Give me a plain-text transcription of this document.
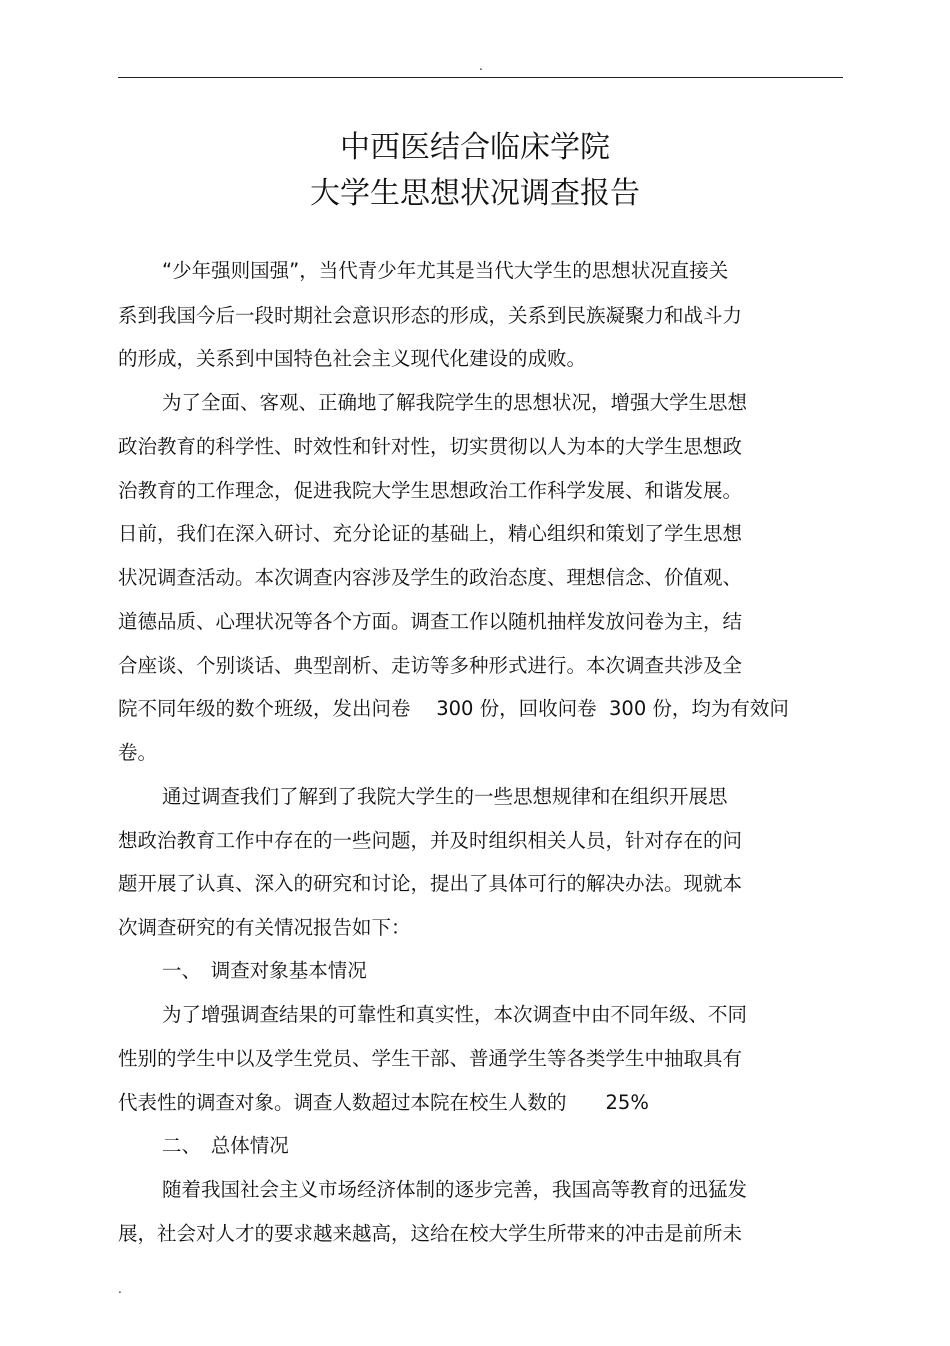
.
中西医结合临床学院
大学生思想状况调查报告
“少年强则国强”，当代青少年尤其是当代大学生的思想状况直接关
系到我国今后一段时期社会意识形态的形成，关系到民族凝聚力和战斗力
的形成，关系到中国特色社会主义现代化建设的成败。
为了全面、客观、正确地了解我院学生的思想状况，增强大学生思想
政治教育的科学性、时效性和针对性，切实贯彻以人为本的大学生思想政
治教育的工作理念，促进我院大学生思想政治工作科学发展、和谐发展。
日前，我们在深入研讨、充分论证的基础上，精心组织和策划了学生思想
状况调查活动。本次调查内容涉及学生的政治态度、理想信念、价值观、
道德品质、心理状况等各个方面。调查工作以随机抽样发放问卷为主，结
合座谈、个别谈话、典型剖析、走访等多种形式进行。本次调查共涉及全
院不同年级的数个班级，发出问卷　 300 份，回收问卷  300 份，均为有效问
卷。
通过调查我们了解到了我院大学生的一些思想规律和在组织开展思
想政治教育工作中存在的一些问题，并及时组织相关人员，针对存在的问
题开展了认真、深入的研究和讨论，提出了具体可行的解决办法。现就本
次调查研究的有关情况报告如下：
一、　调查对象基本情况
为了增强调查结果的可靠性和真实性，本次调查中由不同年级、不同
性别的学生中以及学生党员、学生干部、普通学生等各类学生中抽取具有
代表性的调查对象。调查人数超过本院在校生人数的　　25%
二、　总体情况
随着我国社会主义市场经济体制的逐步完善，我国高等教育的迅猛发
展，社会对人才的要求越来越高，这给在校大学生所带来的冲击是前所未
.
